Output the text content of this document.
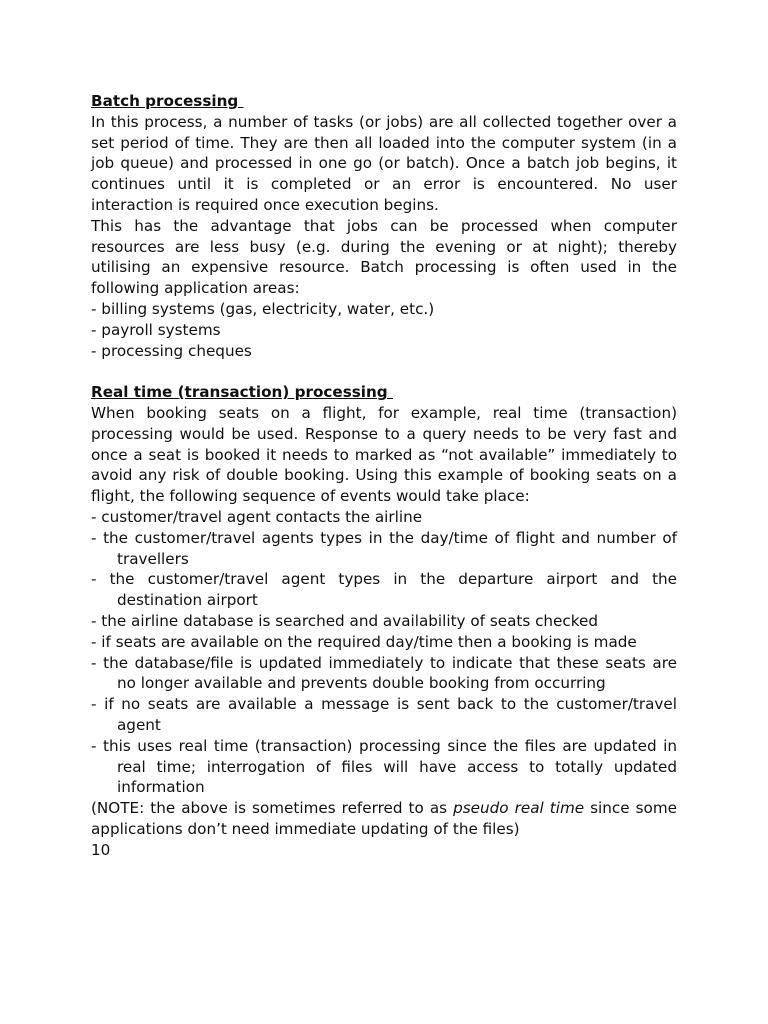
Batch processing

In this process, a number of tasks (or jobs) are all collected together over a set period of time. They are then all loaded into the computer system (in a job queue) and processed in one go (or batch). Once a batch job begins, it continues until it is completed or an error is encountered. No user interaction is required once execution begins.

This has the advantage that jobs can be processed when computer resources are less busy (e.g. during the evening or at night); thereby utilising an expensive resource. Batch processing is often used in the following application areas:

- billing systems (gas, electricity, water, etc.)
- payroll systems
- processing cheques
Real time (transaction) processing

When booking seats on a flight, for example, real time (transaction) processing would be used. Response to a query needs to be very fast and once a seat is booked it needs to marked as “not available” immediately to avoid any risk of double booking. Using this example of booking seats on a flight, the following sequence of events would take place:

- customer/travel agent contacts the airline
- the customer/travel agents types in the day/time of flight and number of travellers
- the customer/travel agent types in the departure airport and the destination airport
- the airline database is searched and availability of seats checked
- if seats are available on the required day/time then a booking is made
- the database/file is updated immediately to indicate that these seats are no longer available and prevents double booking from occurring
- if no seats are available a message is sent back to the customer/travel agent
- this uses real time (transaction) processing since the files are updated in real time; interrogation of files will have access to totally updated information

(NOTE: the above is sometimes referred to as pseudo real time since some applications don’t need immediate updating of the files)

10
